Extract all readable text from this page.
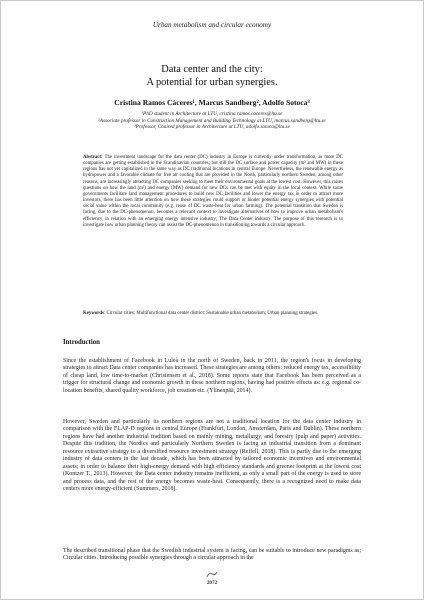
Urban metabolism and circular economy
Data center and the city:
A potential for urban synergies.
Cristina Ramos Cáceres¹, Marcus Sandberg², Adolfo Sotoca³
¹PhD student in Architecture at LTU, cristina.ramos.caceres@ltu.se
²Associate professor in Construction Management and Building Technology at LTU, marcus.sandberg@ltu.se
³Professor, Chaired professor in Architecture at LTU, adolfo.sotoca@ltu.se
Abstract: The investment landscape for the data center (DC) industry in Europe is currently under transformation, as more DC companies are getting established in the Scandinavian countries; but still the DC surface and power capacity (m² and MW) in these regions has not yet capitalized in the same way as DC traditional locations in central Europe. Nevertheless, the renewable energy as hydropower and a favorable climate for free air cooling that are provided in the North, particularly northern Sweden, among other reasons, are increasingly attracting DC companies seeking to meet their environmental goals at the lowest cost. However, this raises questions on how the land (m²) and energy (MW) demand for new DCs can be met with equity in the local context. While some governments facilitate land management procedures to build new DC facilities and lower the energy tax in order to attract more investors, there has been little attention on how these strategies could support or hinder potential energy synergies with potential social value within the local community (e.g. reuse of DC waste-heat for urban farming). The potential transition that Sweden is facing, due to the DC-phenomenon, becomes a relevant context to investigate alternatives of how to improve urban metabolism's efficiency, in relation with an emerging energy intensive industry; The Data Center industry. The purpose of this research is to investigate how urban planning theory can assist the DC-phenomenon in transitioning towards a circular approach.
Keywords: Circular cities; Multifunctional data center district; Sustainable urban metabolism; Urban planning strategies.
Introduction
Since the establishment of Facebook in Luleå in the north of Sweden, back in 2011, the region's focus in developing strategies to attract Data center companies has increased. These strategies are among others: reduced energy tax, accessibility of cheap land, low time-to-market (Christensen et al., 2018). Some reports state that Facebook has been perceived as a trigger for structural change and economic growth in these northern regions, having had positive effects as: e.g. regional co-location benefits, shared quality workforce, job creation etc. (Ylinenpää, 2014).
However, Sweden and particularly its northern regions are not a traditional location for the data center industry in comparison with the FLAP-D regions in central Europe (Frankfurt, London, Amsterdam, Paris and Dublin). These northern regions have had another industrial tradition based on mainly mining, metallurgy, and forestry (pulp and paper) activities. Despite this tradition, the Nordics and particularly Northern Sweden is facing an industrial transition from a dominant resource extractive strategy to a diversified resource investment strategy (Reffell, 2018). This is partly due to the emerging industry of data centers in the last decade, which has been attracted by tailored economic incentives and environmental assets; in order to balance their high-energy demand with high efficiency standards and greener footprint at the lowest cost (Kontzer T., 2013). However, the Data center industry remains inefficient, as only a small part of the energy is used to store and process data, and the rest of the energy becomes waste-heat. Consequently, there is a recognized need to make data centers more energy-efficient (Summers, 2018).
The described transitional phase that the Swedish industrial system is facing, can be suitable to introduce new paradigms as; Circular cities. Introducing possible synergies through a circular approach in the
2072
